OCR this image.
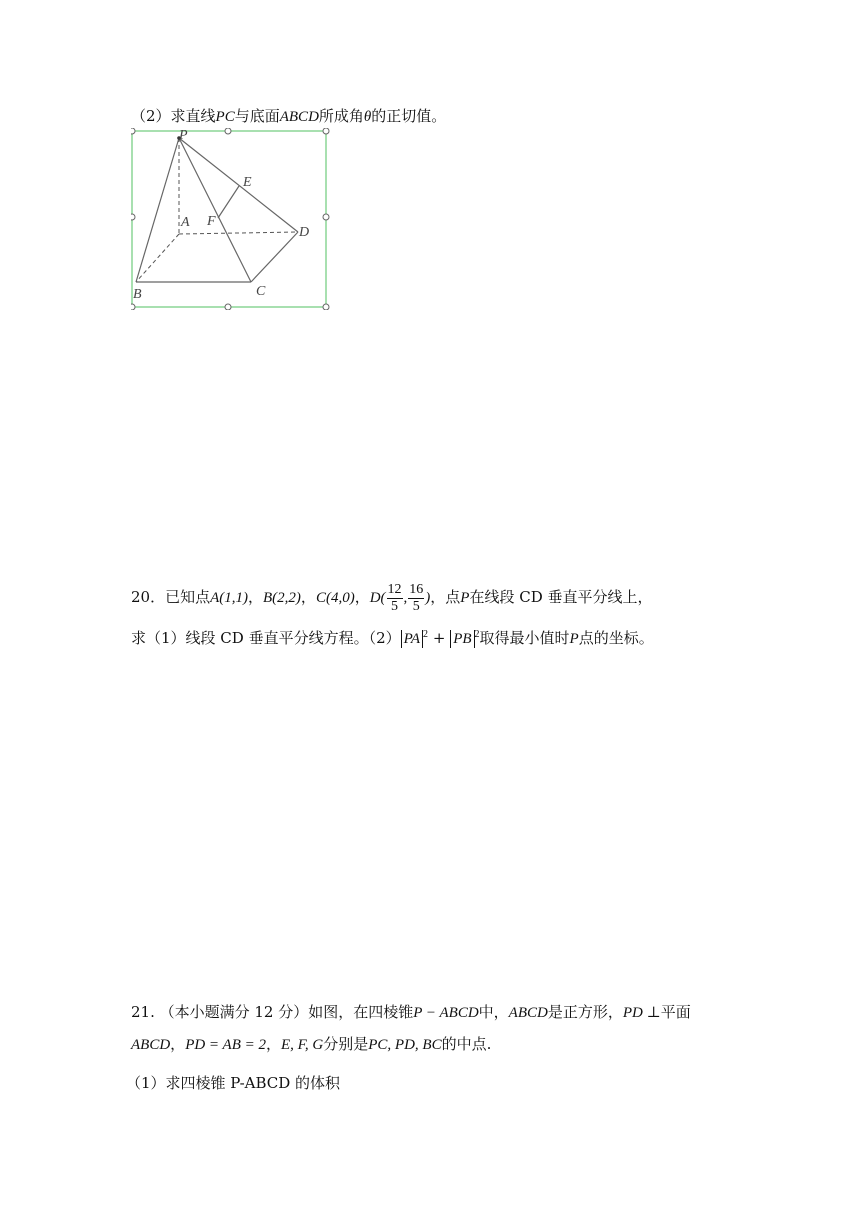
（2）求直线PC与底面ABCD所成角θ的正切值。
P
A
B	C
D
E
F
20．已知点A(1,1)，B(2,2)，C(4,0)，$D( \frac{12}{5}$ , $\frac{16}{5}$ )，点P在线段 CD 垂直平分线上，
求（1）线段 CD 垂直平分线方程。（2） PA $^2$ + PB $^2$取得最小值时P点的坐标。
21. （本小题满分 12 分）如图，在四棱锥P − ABCD中，ABCD是正方形，PD ⊥平面
ABCD，PD = AB = 2，E, F, G分别是PC, PD, BC的中点.
（1）求四棱锥 P-ABCD 的体积
